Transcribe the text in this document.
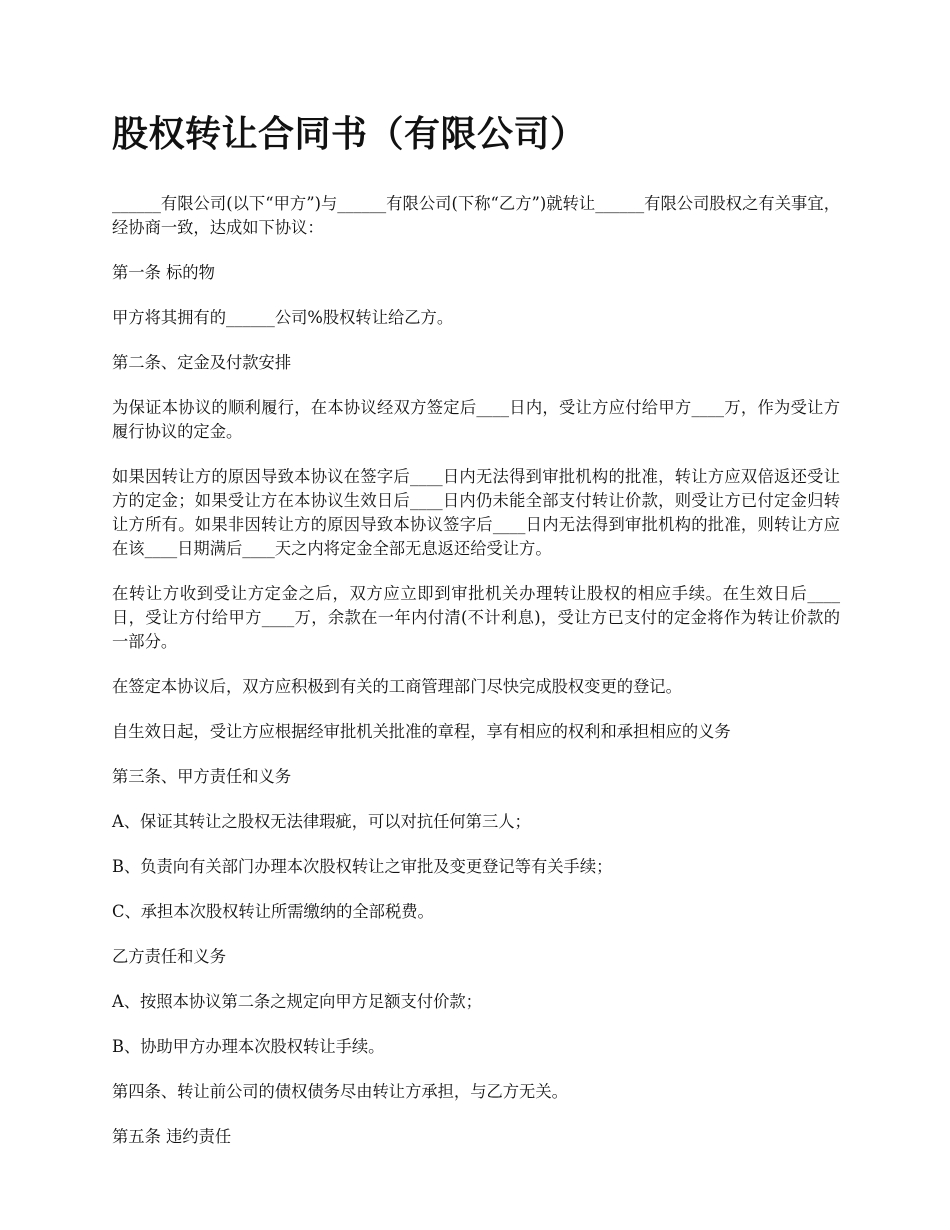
股权转让合同书（有限公司）

______有限公司(以下“甲方”)与______有限公司(下称“乙方”)就转让______有限公司股权之有关事宜，经协商一致，达成如下协议：

第一条 标的物

甲方将其拥有的______公司%股权转让给乙方。

第二条、定金及付款安排

为保证本协议的顺利履行，在本协议经双方签定后____日内，受让方应付给甲方____万，作为受让方履行协议的定金。

如果因转让方的原因导致本协议在签字后____日内无法得到审批机构的批准，转让方应双倍返还受让方的定金；如果受让方在本协议生效日后____日内仍未能全部支付转让价款，则受让方已付定金归转让方所有。如果非因转让方的原因导致本协议签字后____日内无法得到审批机构的批准，则转让方应在该____日期满后____天之内将定金全部无息返还给受让方。

在转让方收到受让方定金之后，双方应立即到审批机关办理转让股权的相应手续。在生效日后____日，受让方付给甲方____万，余款在一年内付清(不计利息)，受让方已支付的定金将作为转让价款的一部分。

在签定本协议后，双方应积极到有关的工商管理部门尽快完成股权变更的登记。

自生效日起，受让方应根据经审批机关批准的章程，享有相应的权利和承担相应的义务

第三条、甲方责任和义务

A、保证其转让之股权无法律瑕疵，可以对抗任何第三人；

B、负责向有关部门办理本次股权转让之审批及变更登记等有关手续；

C、承担本次股权转让所需缴纳的全部税费。

乙方责任和义务

A、按照本协议第二条之规定向甲方足额支付价款；

B、协助甲方办理本次股权转让手续。

第四条、转让前公司的债权债务尽由转让方承担，与乙方无关。

第五条 违约责任
